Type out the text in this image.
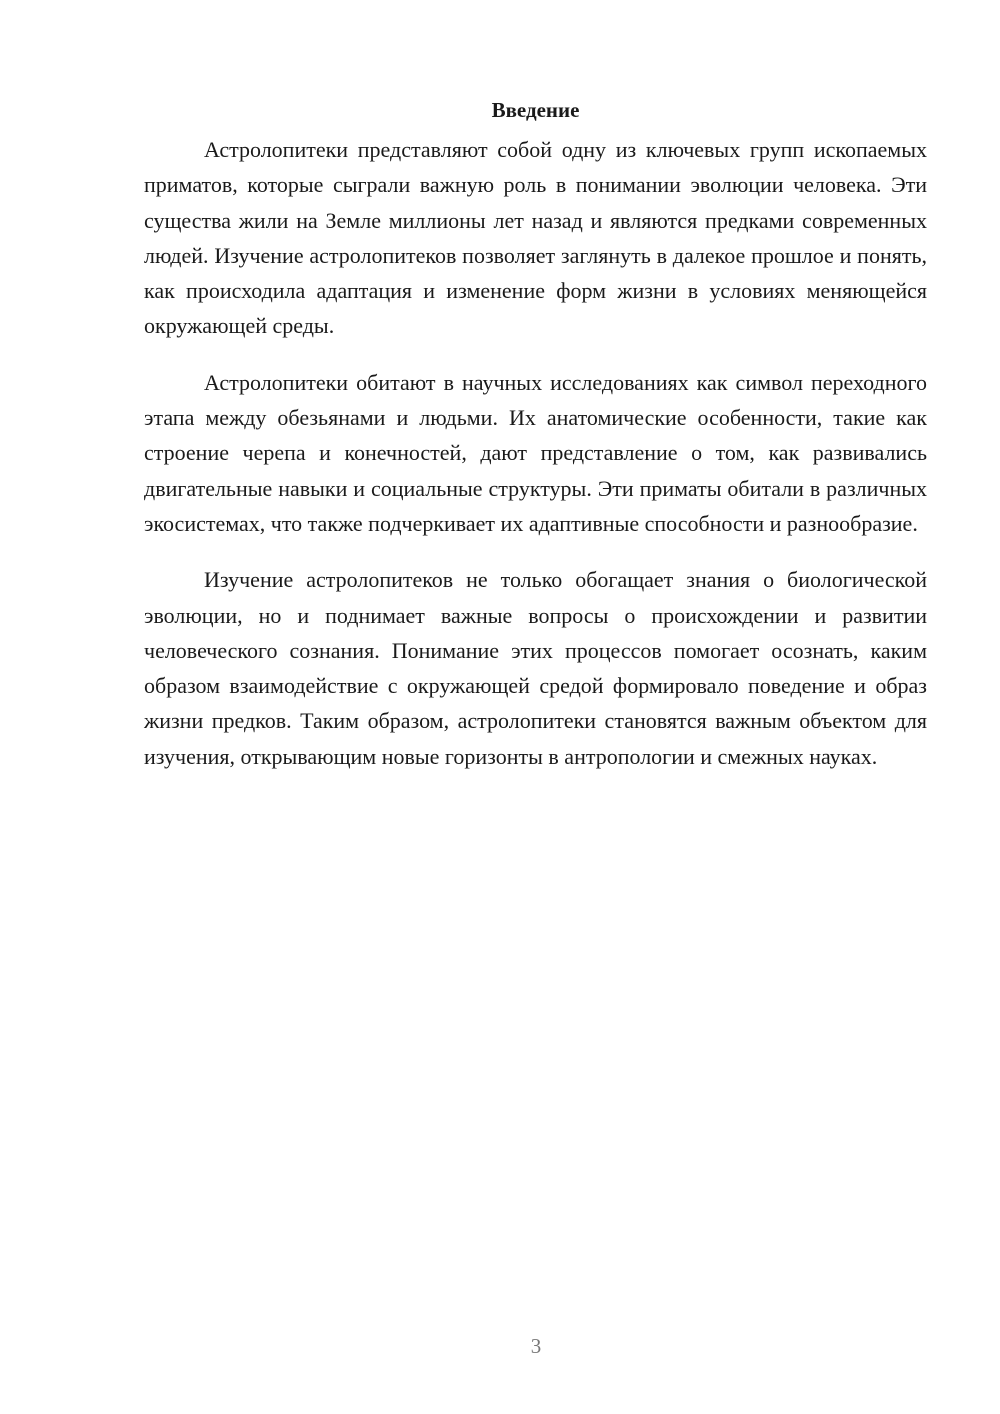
Введение

Астролопитеки представляют собой одну из ключевых групп ископаемых приматов, которые сыграли важную роль в понимании эволюции человека. Эти существа жили на Земле миллионы лет назад и являются предками современных людей. Изучение астролопитеков позволяет заглянуть в далекое прошлое и понять, как происходила адаптация и изменение форм жизни в условиях меняющейся окружающей среды.

Астролопитеки обитают в научных исследованиях как символ переходного этапа между обезьянами и людьми. Их анатомические особенности, такие как строение черепа и конечностей, дают представление о том, как развивались двигательные навыки и социальные структуры. Эти приматы обитали в различных экосистемах, что также подчеркивает их адаптивные способности и разнообразие.

Изучение астролопитеков не только обогащает знания о биологической эволюции, но и поднимает важные вопросы о происхождении и развитии человеческого сознания. Понимание этих процессов помогает осознать, каким образом взаимодействие с окружающей средой формировало поведение и образ жизни предков. Таким образом, астролопитеки становятся важным объектом для изучения, открывающим новые горизонты в антропологии и смежных науках.

3
